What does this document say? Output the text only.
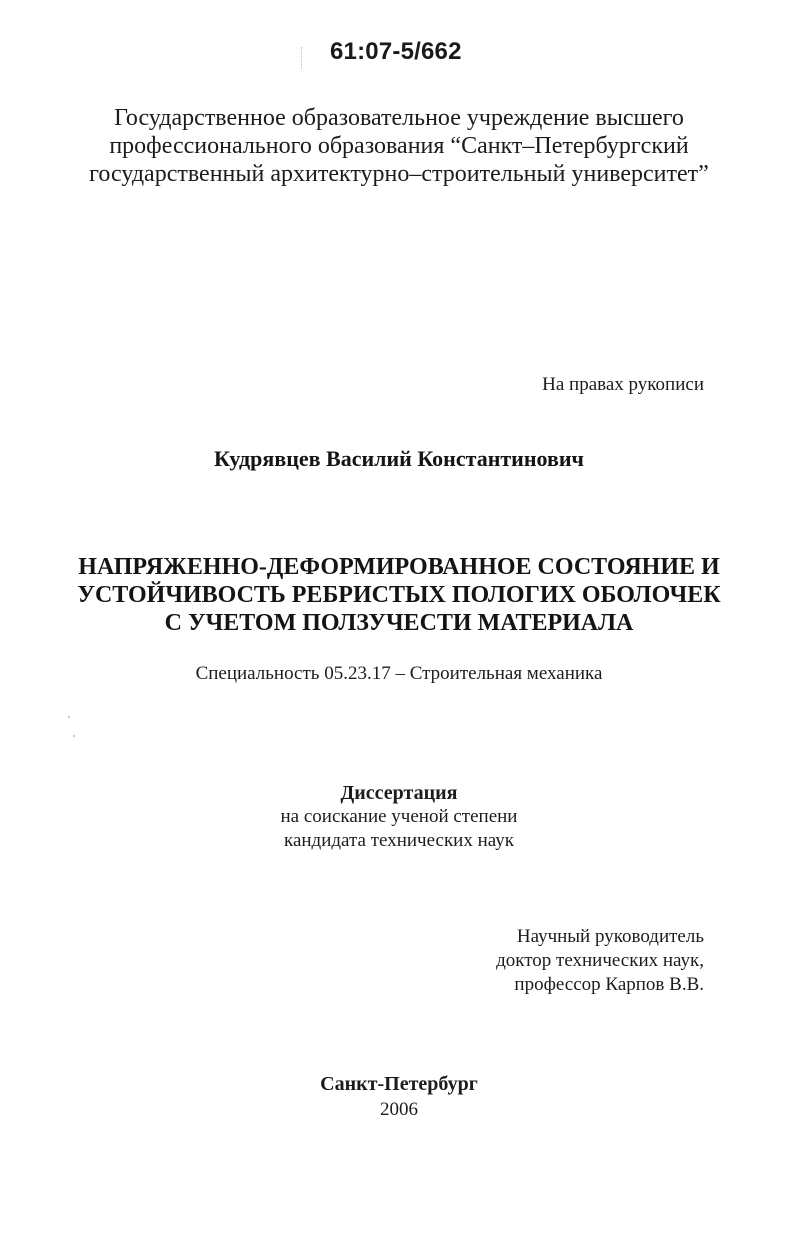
61:07-5/662
Государственное образовательное учреждение высшего
профессионального образования “Санкт–Петербургский
государственный архитектурно–строительный университет”
На правах рукописи
Кудрявцев Василий Константинович
НАПРЯЖЕННО-ДЕФОРМИРОВАННОЕ СОСТОЯНИЕ И
УСТОЙЧИВОСТЬ РЕБРИСТЫХ ПОЛОГИХ ОБОЛОЧЕК
С УЧЕТОМ ПОЛЗУЧЕСТИ МАТЕРИАЛА
Специальность 05.23.17 – Строительная механика
Диссертация
на соискание ученой степени
кандидата технических наук
Научный руководитель
доктор технических наук,
профессор Карпов В.В.
Санкт-Петербург
2006
